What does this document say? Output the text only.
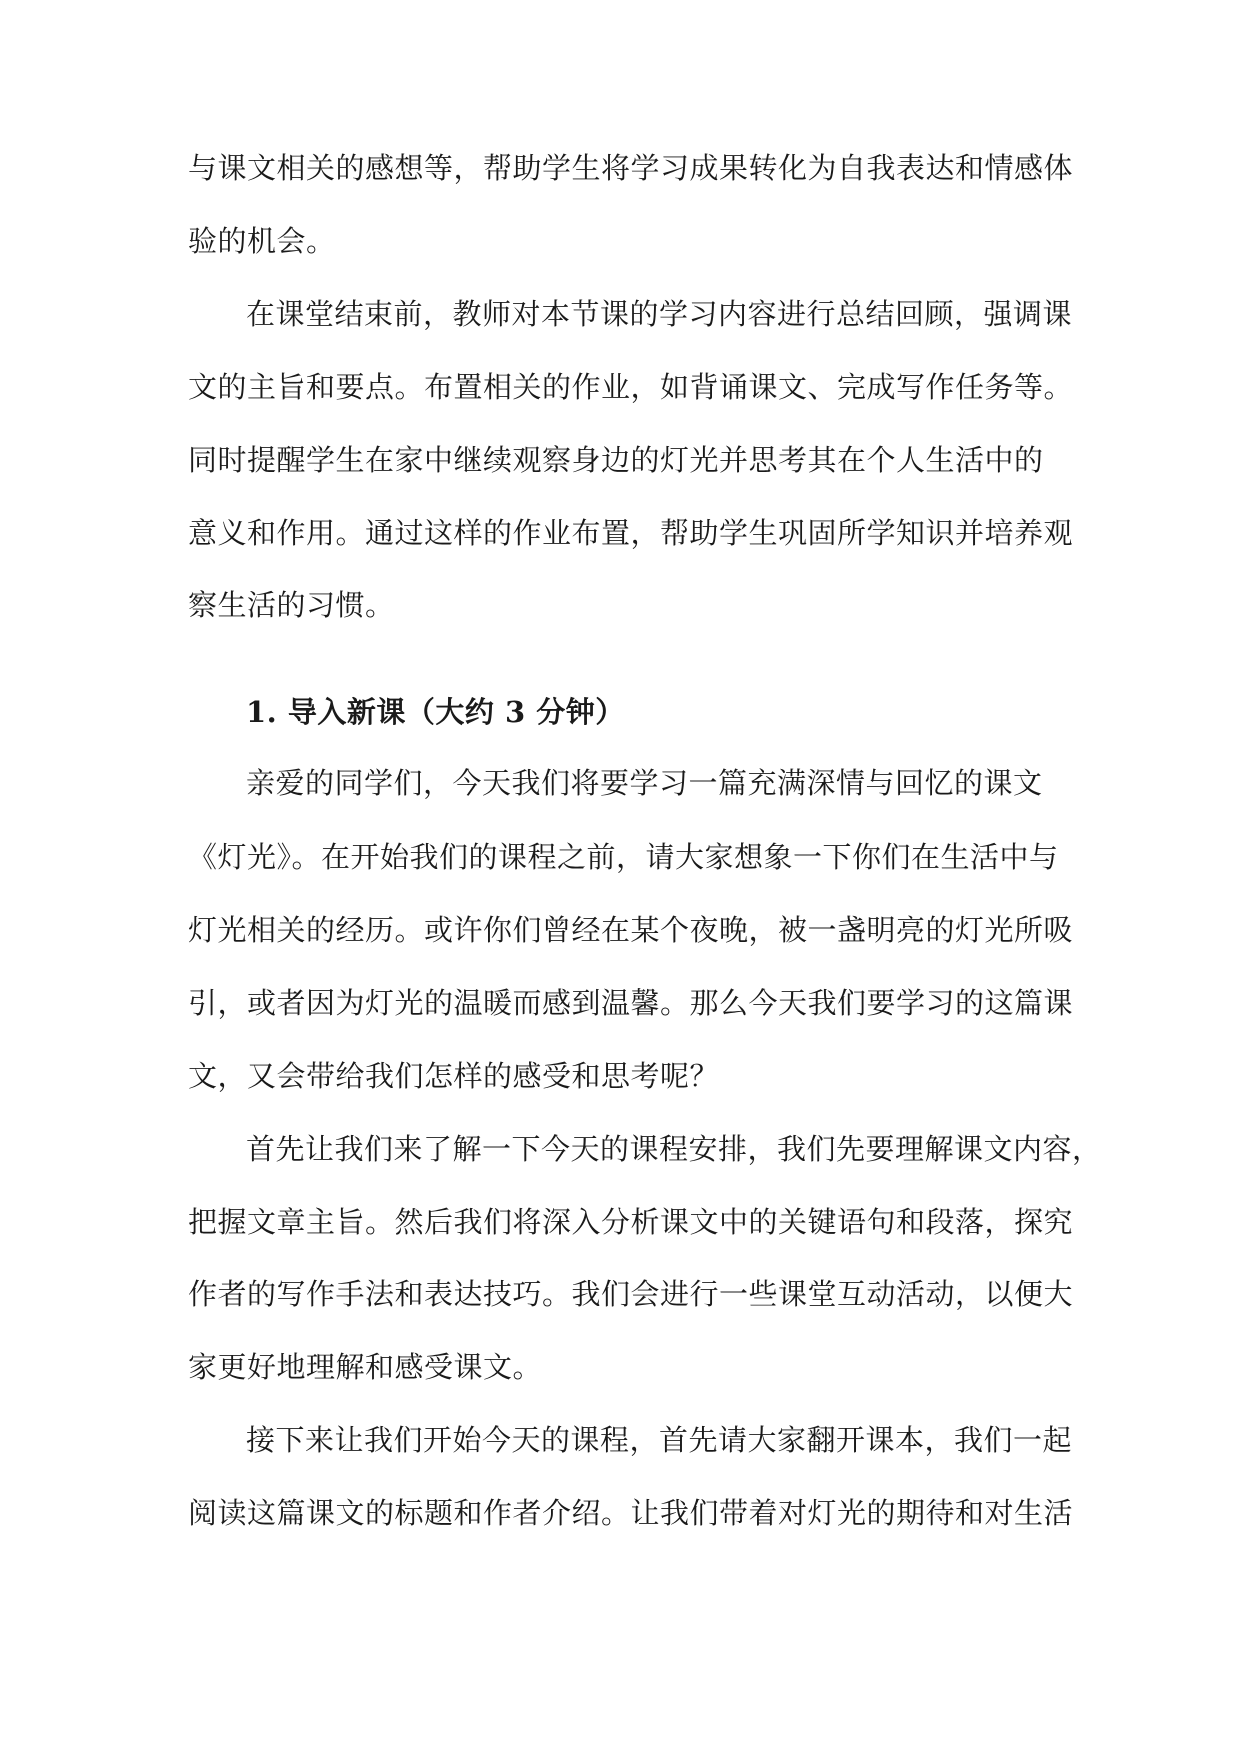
与课文相关的感想等，帮助学生将学习成果转化为自我表达和情感体
验的机会。
在课堂结束前，教师对本节课的学习内容进行总结回顾，强调课
文的主旨和要点。布置相关的作业，如背诵课文、完成写作任务等。
同时提醒学生在家中继续观察身边的灯光并思考其在个人生活中的
意义和作用。通过这样的作业布置，帮助学生巩固所学知识并培养观
察生活的习惯。
1. 导入新课（大约 3 分钟）
亲爱的同学们，今天我们将要学习一篇充满深情与回忆的课文
《灯光》。在开始我们的课程之前，请大家想象一下你们在生活中与
灯光相关的经历。或许你们曾经在某个夜晚，被一盏明亮的灯光所吸
引，或者因为灯光的温暖而感到温馨。那么今天我们要学习的这篇课
文，又会带给我们怎样的感受和思考呢？
首先让我们来了解一下今天的课程安排，我们先要理解课文内容，
把握文章主旨。然后我们将深入分析课文中的关键语句和段落，探究
作者的写作手法和表达技巧。我们会进行一些课堂互动活动，以便大
家更好地理解和感受课文。
接下来让我们开始今天的课程，首先请大家翻开课本，我们一起
阅读这篇课文的标题和作者介绍。让我们带着对灯光的期待和对生活
